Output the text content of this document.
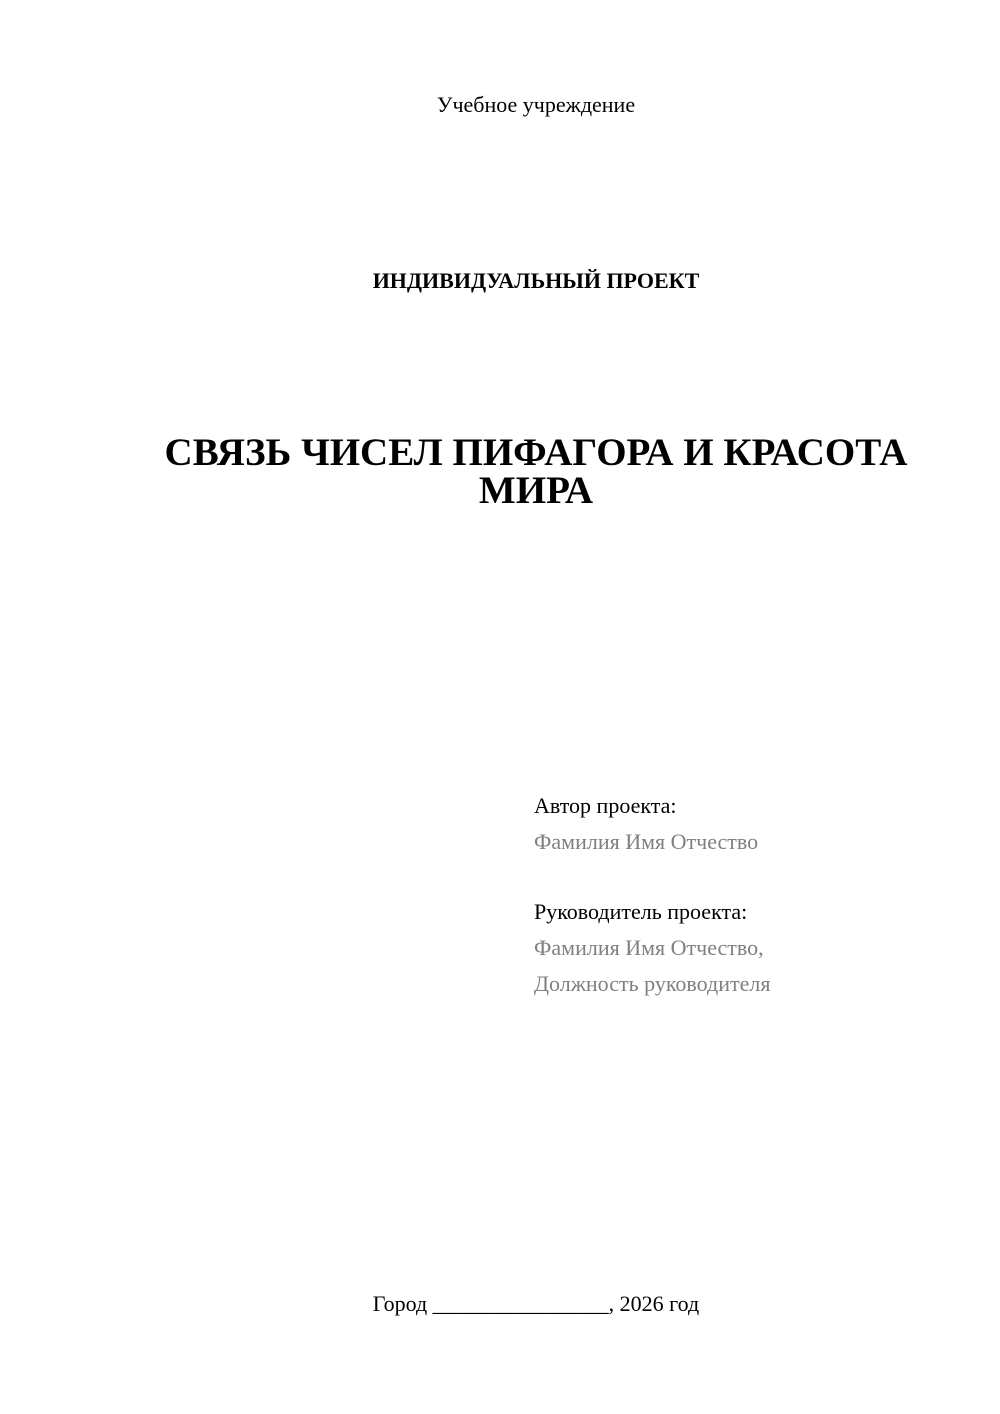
Учебное учреждение
ИНДИВИДУАЛЬНЫЙ ПРОЕКТ
СВЯЗЬ ЧИСЕЛ ПИФАГОРА И КРАСОТА
МИРА
Автор проекта:
Фамилия Имя Отчество
Руководитель проекта:
Фамилия Имя Отчество,
Должность руководителя
Город ________________, 2026 год
